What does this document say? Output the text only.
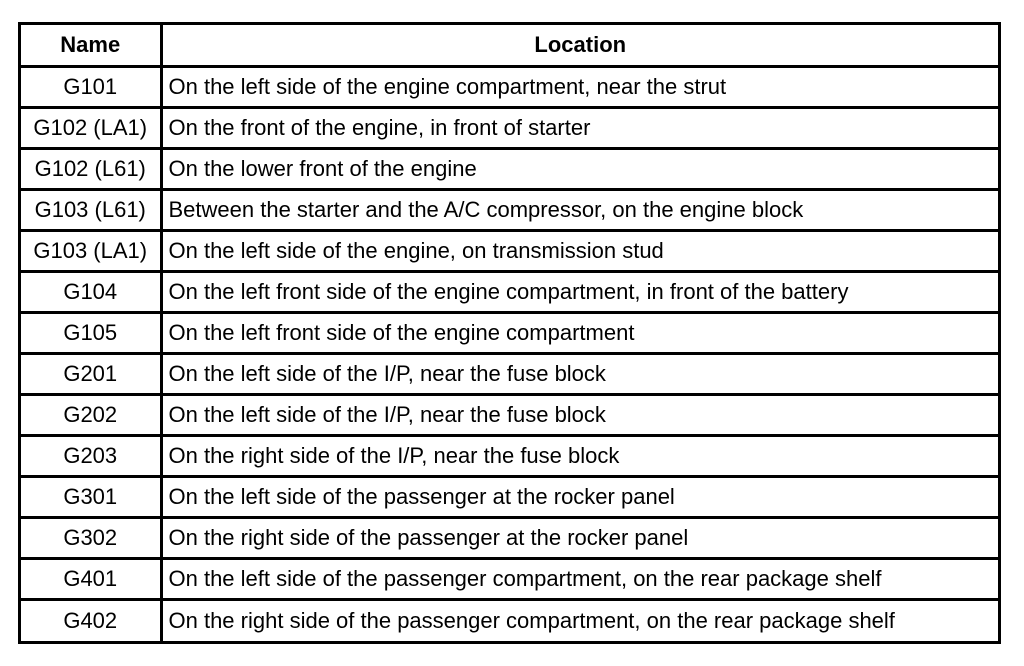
Name	Location
G101	On the left side of the engine compartment, near the strut
G102 (LA1)	On the front of the engine, in front of starter
G102 (L61)	On the lower front of the engine
G103 (L61)	Between the starter and the A/C compressor, on the engine block
G103 (LA1)	On the left side of the engine, on transmission stud
G104	On the left front side of the engine compartment, in front of the battery
G105	On the left front side of the engine compartment
G201	On the left side of the I/P, near the fuse block
G202	On the left side of the I/P, near the fuse block
G203	On the right side of the I/P, near the fuse block
G301	On the left side of the passenger at the rocker panel
G302	On the right side of the passenger at the rocker panel
G401	On the left side of the passenger compartment, on the rear package shelf
G402	On the right side of the passenger compartment, on the rear package shelf
